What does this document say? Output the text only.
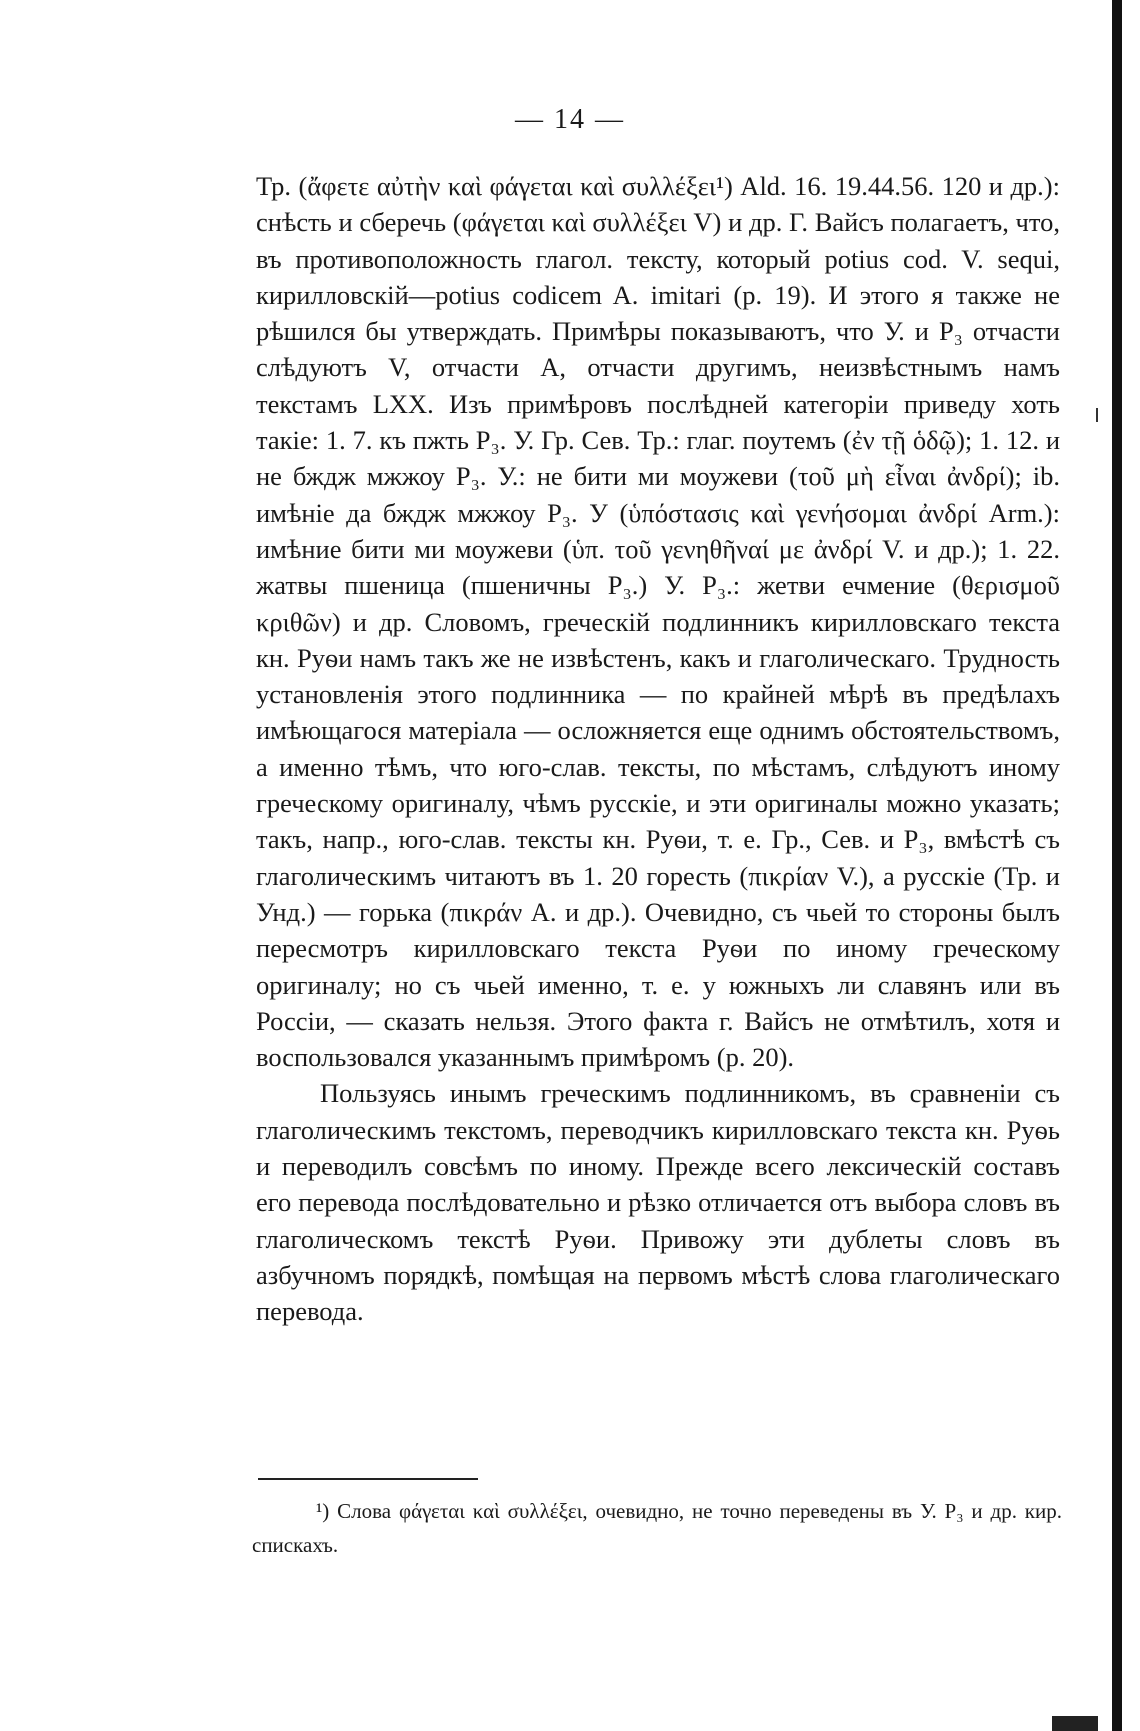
— 14 —

Тр. (ἄφετε αὐτὴν καὶ φάγεται καὶ συλλέξει¹) Ald. 16. 19.44.56. 120 и др.): снѣсть и сберечь (φάγεται καὶ συλλέξει V) и др. Г. Вайсъ полагаетъ, что, въ противоположность глагол. тексту, который potius cod. V. sequi, кирилловскій—potius codicem A. imitari (p. 19). И этого я также не рѣшился бы утверждать. Примѣры показываютъ, что У. и Р₃ отчасти слѣдуютъ V, отчасти A, отчасти другимъ, неизвѣстнымъ намъ текстамъ LXX. Изъ примѣровъ послѣдней категоріи приведу хоть такіе: 1. 7. къ пжть Р₃. У. Гр. Сев. Тр.: глаг. поутемъ (ἐν τῇ ὁδῷ); 1. 12. и не бждж мжжоу Р₃. У.: не бити ми моужеви (τοῦ μὴ εἶναι ἀνδρί); ib. имѣніе да бждж мжжоу Р₃. У (ὑπόστασις καὶ γενήσομαι ἀνδρί Arm.): имѣние бити ми моужеви (ὑπ. τοῦ γενηθῆναί με ἀνδρί V. и др.); 1. 22. жатвы пшеница (пшеничны Р₃.) У. Р₃.: жетви ечмение (θερισμοῦ κριθῶν) и др. Словомъ, греческій подлинникъ кирилловскаго текста кн. Руѳи намъ такъ же не извѣстенъ, какъ и глаголическаго. Трудность установленія этого подлинника — по крайней мѣрѣ въ предѣлахъ имѣющагося матеріала — осложняется еще однимъ обстоятельствомъ, а именно тѣмъ, что юго-слав. тексты, по мѣстамъ, слѣдуютъ иному греческому оригиналу, чѣмъ русскіе, и эти оригиналы можно указать; такъ, напр., юго-слав. тексты кн. Руѳи, т. е. Гр., Сев. и Р₃, вмѣстѣ съ глаголическимъ читаютъ въ 1. 20 горесть (πικρίαν V.), а русскіе (Тр. и Унд.) — горька (πικράν A. и др.). Очевидно, съ чьей то стороны былъ пересмотръ кирилловскаго текста Руѳи по иному греческому оригиналу; но съ чьей именно, т. е. у южныхъ ли славянъ или въ Россіи, — сказать нельзя. Этого факта г. Вайсъ не отмѣтилъ, хотя и воспользовался указаннымъ примѣромъ (p. 20).

Пользуясь инымъ греческимъ подлинникомъ, въ сравненіи съ глаголическимъ текстомъ, переводчикъ кирилловскаго текста кн. Руѳь и переводилъ совсѣмъ по иному. Прежде всего лексическій составъ его перевода послѣдовательно и рѣзко отличается отъ выбора словъ въ глаголическомъ текстѣ Руѳи. Привожу эти дублеты словъ въ азбучномъ порядкѣ, помѣщая на первомъ мѣстѣ слова глаголическаго перевода.

¹) Слова φάγεται καὶ συλλέξει, очевидно, не точно переведены въ У. Р₃ и др. кир. спискахъ.
